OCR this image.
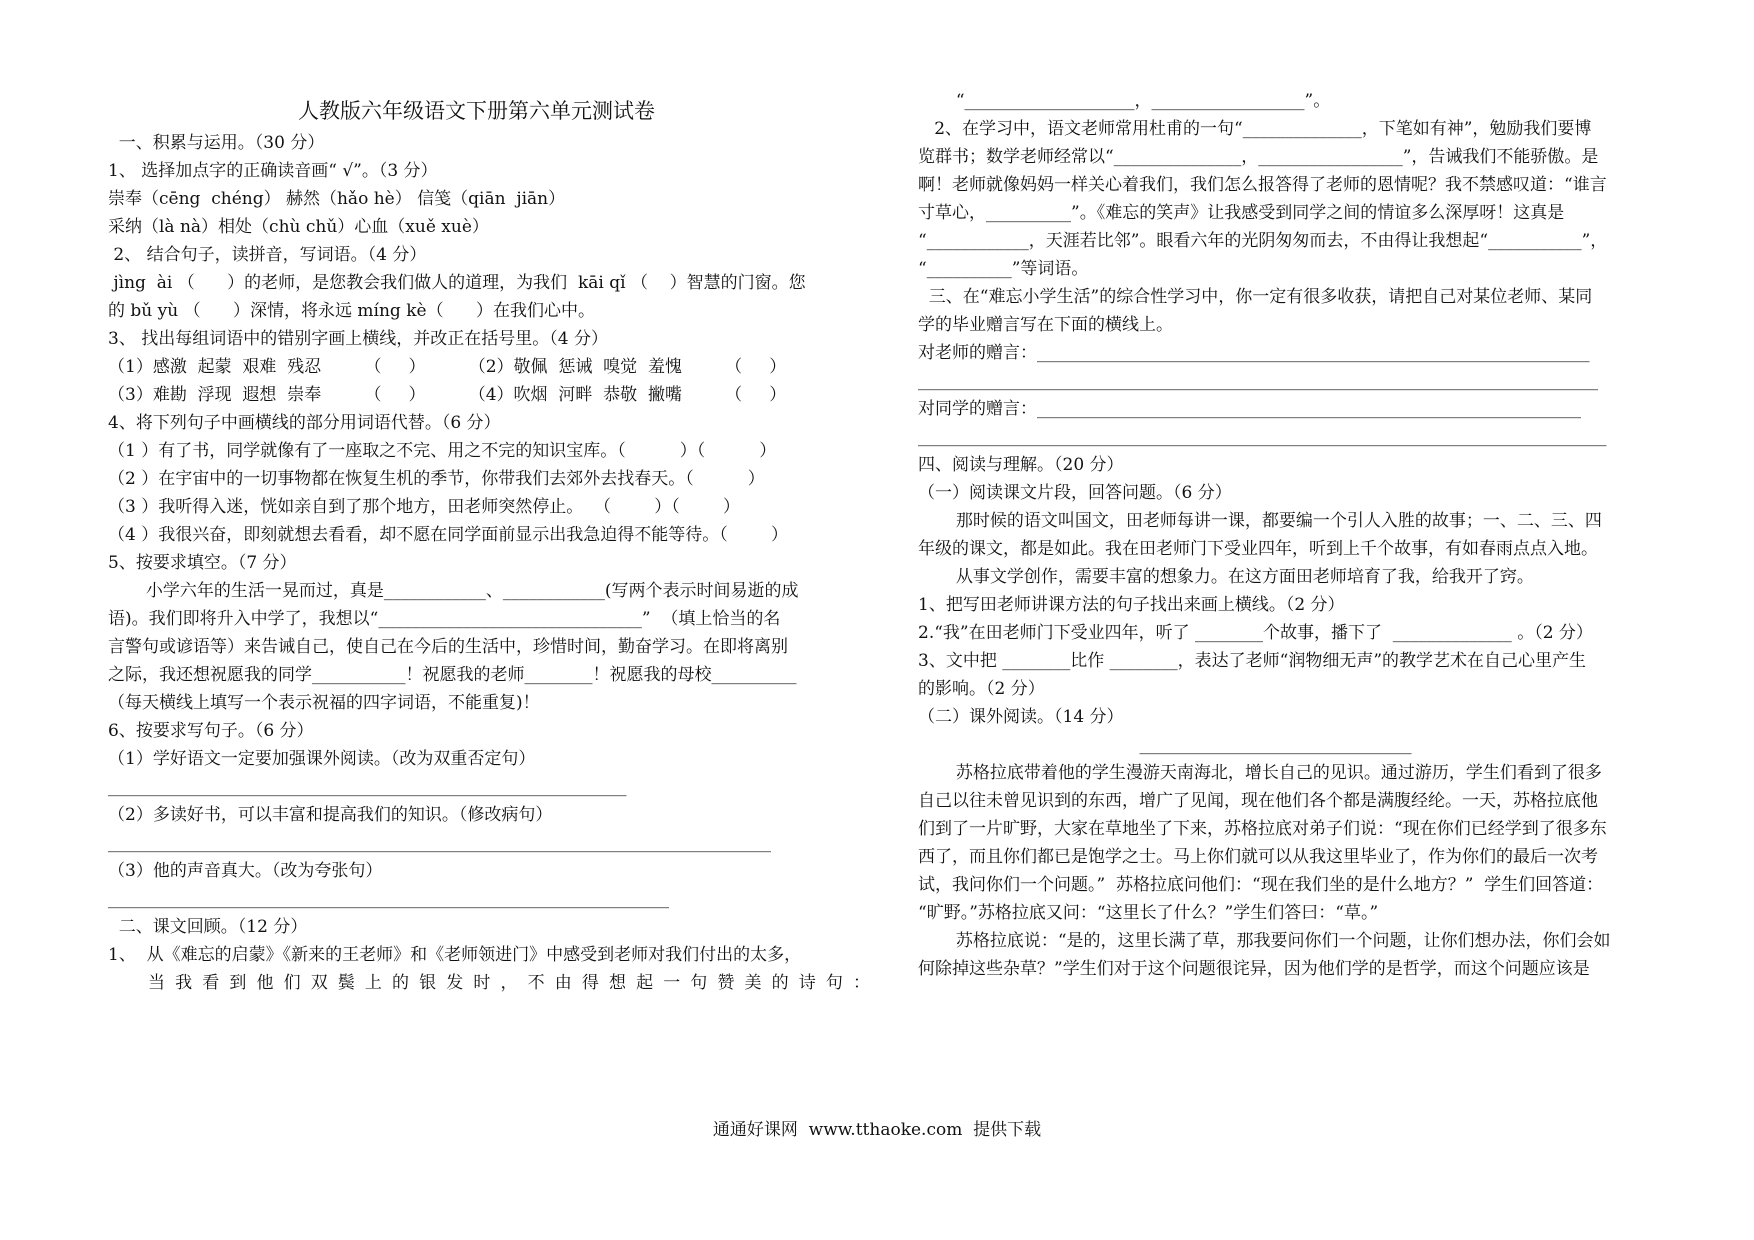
人教版六年级语文下册第六单元测试卷
一、积累与运用。（30 分）
1、 选择加点字的正确读音画“ √”。（3 分）
崇奉（cēng  chéng） 赫然（hǎo hè） 信笺（qiān  jiān）
采纳（là nà）相处（chù chǔ）心血（xuě xuè）
2、 结合句子，读拼音，写词语。（4 分）
jìng  ài （      ）的老师，是您教会我们做人的道理，为我们  kāi qǐ （    ）智慧的门窗。您
的 bǔ yù （      ）深情，将永远 míng kè（      ）在我们心中。
3、 找出每组词语中的错别字画上横线，并改正在括号里。（4 分）
（1）感激  起蒙  艰难  残忍        （     ）        （2）敬佩  惩诫  嗅觉  羞愧        （     ）
（3）难勘  浮现  遐想  崇奉        （     ）        （4）吹烟  河畔  恭敬  撇嘴        （     ）
4、将下列句子中画横线的部分用词语代替。（6 分）
（1 ）有了书，同学就像有了一座取之不完、用之不完的知识宝库。（          ）（          ）
（2 ）在宇宙中的一切事物都在恢复生机的季节，你带我们去郊外去找春天。（          ）
（3 ）我听得入迷，恍如亲自到了那个地方，田老师突然停止。  （        ）（        ）
（4 ）我很兴奋，即刻就想去看看，却不愿在同学面前显示出我急迫得不能等待。（        ）
5、按要求填空。（7 分）
小学六年的生活一晃而过，真是____________、____________(写两个表示时间易逝的成
语)。我们即将升入中学了，我想以“_______________________________”  （填上恰当的名
言警句或谚语等）来告诫自己，使自己在今后的生活中，珍惜时间，勤奋学习。在即将离别
之际，我还想祝愿我的同学___________！祝愿我的老师________！祝愿我的母校__________
（每天横线上填写一个表示祝福的四字词语，不能重复)！
6、按要求写句子。（6 分）
（1）学好语文一定要加强课外阅读。（改为双重否定句）
_____________________________________________________________
（2）多读好书，可以丰富和提高我们的知识。（修改病句）
______________________________________________________________________________
（3）他的声音真大。（改为夸张句）
__________________________________________________________________
二、课文回顾。（12 分）
1、  从《难忘的启蒙》《新来的王老师》和《老师领进门》中感受到老师对我们付出的太多，
当我看到他们双鬓上的银发时，不由得想起一句赞美的诗句：
“____________________，__________________”。
2、在学习中，语文老师常用杜甫的一句“______________，下笔如有神”，勉励我们要博
览群书；数学老师经常以“_______________，_________________”，告诫我们不能骄傲。是
啊！老师就像妈妈一样关心着我们，我们怎么报答得了老师的恩情呢？我不禁感叹道：“谁言
寸草心，__________”。《难忘的笑声》让我感受到同学之间的情谊多么深厚呀！这真是
“____________，天涯若比邻”。眼看六年的光阴匆匆而去，不由得让我想起“___________”，
“__________”等词语。
三、在“难忘小学生活”的综合性学习中，你一定有很多收获，请把自己对某位老师、某同
学的毕业赠言写在下面的横线上。
对老师的赠言：_________________________________________________________________
________________________________________________________________________________
对同学的赠言：________________________________________________________________
_________________________________________________________________________________
四、阅读与理解。（20 分）
（一）阅读课文片段，回答问题。（6 分）
那时候的语文叫国文，田老师每讲一课，都要编一个引人入胜的故事；一、二、三、四
年级的课文，都是如此。我在田老师门下受业四年，听到上千个故事，有如春雨点点入地。
从事文学创作，需要丰富的想象力。在这方面田老师培育了我，给我开了窍。
1、把写田老师讲课方法的句子找出来画上横线。（2 分）
2.“我”在田老师门下受业四年，听了 ________个故事，播下了  ______________ 。（2 分）
3、文中把 ________比作 ________，表达了老师“润物细无声”的教学艺术在自己心里产生
的影响。（2 分）
（二）课外阅读。（14 分）
________________________________
苏格拉底带着他的学生漫游天南海北，增长自己的见识。通过游历，学生们看到了很多
自己以往未曾见识到的东西，增广了见闻，现在他们各个都是满腹经纶。一天，苏格拉底他
们到了一片旷野，大家在草地坐了下来，苏格拉底对弟子们说：“现在你们已经学到了很多东
西了，而且你们都已是饱学之士。马上你们就可以从我这里毕业了，作为你们的最后一次考
试，我问你们一个问题。”  苏格拉底问他们：“现在我们坐的是什么地方？”  学生们回答道：
“旷野。”苏格拉底又问：“这里长了什么？”学生们答曰：“草。”
苏格拉底说：“是的，这里长满了草，那我要问你们一个问题，让你们想办法，你们会如
何除掉这些杂草？”学生们对于这个问题很诧异，因为他们学的是哲学，而这个问题应该是
通通好课网  www.tthaoke.com  提供下载
